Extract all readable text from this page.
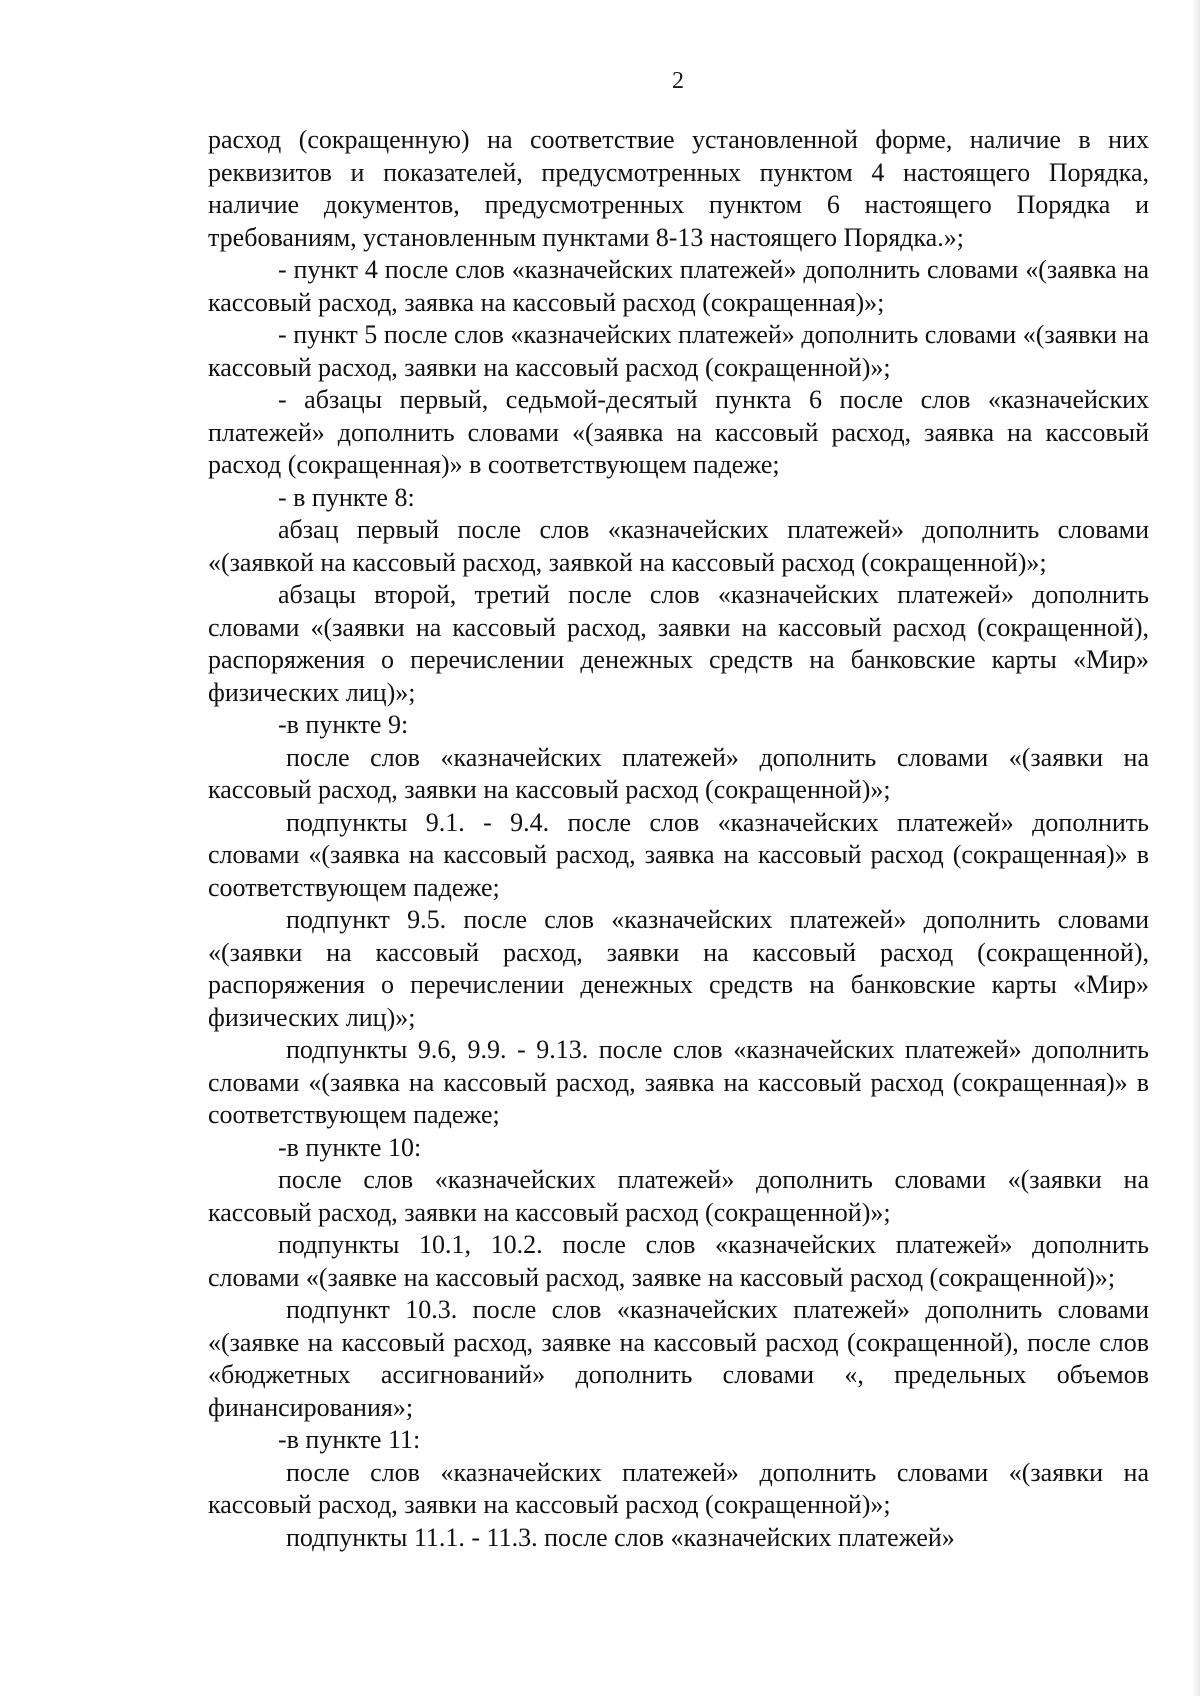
2

расход (сокращенную) на соответствие установленной форме, наличие в них реквизитов и показателей, предусмотренных пунктом 4 настоящего Порядка, наличие документов, предусмотренных пунктом 6 настоящего Порядка и требованиям, установленным пунктами 8-13 настоящего Порядка.»;

- пункт 4 после слов «казначейских платежей» дополнить словами «(заявка на кассовый расход, заявка на кассовый расход (сокращенная)»;

- пункт 5 после слов «казначейских платежей» дополнить словами «(заявки на кассовый расход, заявки на кассовый расход (сокращенной)»;

- абзацы первый, седьмой-десятый пункта 6 после слов «казначейских платежей» дополнить словами «(заявка на кассовый расход, заявка на кассовый расход (сокращенная)» в соответствующем падеже;

- в пункте 8:

абзац первый после слов «казначейских платежей» дополнить словами «(заявкой на кассовый расход, заявкой на кассовый расход (сокращенной)»;

абзацы второй, третий после слов «казначейских платежей» дополнить словами «(заявки на кассовый расход, заявки на кассовый расход (сокращенной), распоряжения о перечислении денежных средств на банковские карты «Мир» физических лиц)»;

-в пункте 9:

после слов «казначейских платежей» дополнить словами «(заявки на кассовый расход, заявки на кассовый расход (сокращенной)»;

подпункты 9.1. - 9.4. после слов «казначейских платежей» дополнить словами «(заявка на кассовый расход, заявка на кассовый расход (сокращенная)» в соответствующем падеже;

подпункт 9.5. после слов «казначейских платежей» дополнить словами «(заявки на кассовый расход, заявки на кассовый расход (сокращенной), распоряжения о перечислении денежных средств на банковские карты «Мир» физических лиц)»;

подпункты 9.6, 9.9. - 9.13. после слов «казначейских платежей» дополнить словами «(заявка на кассовый расход, заявка на кассовый расход (сокращенная)» в соответствующем падеже;

-в пункте 10:

после слов «казначейских платежей» дополнить словами «(заявки на кассовый расход, заявки на кассовый расход (сокращенной)»;

подпункты 10.1, 10.2. после слов «казначейских платежей» дополнить словами «(заявке на кассовый расход, заявке на кассовый расход (сокращенной)»;

подпункт 10.3. после слов «казначейских платежей» дополнить словами «(заявке на кассовый расход, заявке на кассовый расход (сокращенной), после слов «бюджетных ассигнований» дополнить словами «, предельных объемов финансирования»;

-в пункте 11:

после слов «казначейских платежей» дополнить словами «(заявки на кассовый расход, заявки на кассовый расход (сокращенной)»;

подпункты 11.1. - 11.3. после слов «казначейских платежей»
